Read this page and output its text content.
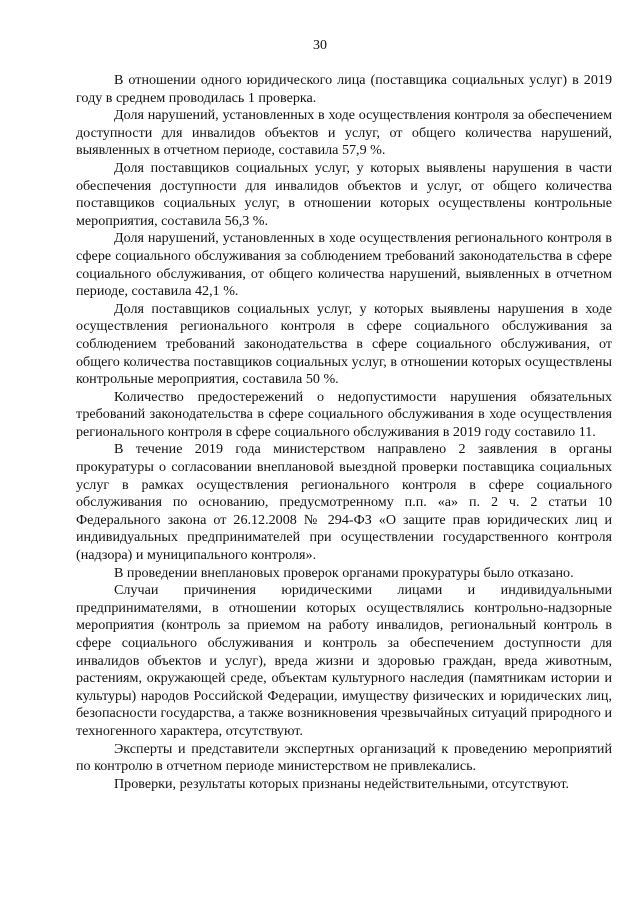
30

В отношении одного юридического лица (поставщика социальных услуг) в 2019 году в среднем проводилась 1 проверка.

Доля нарушений, установленных в ходе осуществления контроля за обеспечением доступности для инвалидов объектов и услуг, от общего количества нарушений, выявленных в отчетном периоде, составила 57,9 %.

Доля поставщиков социальных услуг, у которых выявлены нарушения в части обеспечения доступности для инвалидов объектов и услуг, от общего количества поставщиков социальных услуг, в отношении которых осуществлены контрольные мероприятия, составила 56,3 %.

Доля нарушений, установленных в ходе осуществления регионального контроля в сфере социального обслуживания за соблюдением требований законодательства в сфере социального обслуживания, от общего количества нарушений, выявленных в отчетном периоде, составила 42,1 %.

Доля поставщиков социальных услуг, у которых выявлены нарушения в ходе осуществления регионального контроля в сфере социального обслуживания за соблюдением требований законодательства в сфере социального обслуживания, от общего количества поставщиков социальных услуг, в отношении которых осуществлены контрольные мероприятия, составила 50 %.

Количество предостережений о недопустимости нарушения обязательных требований законодательства в сфере социального обслуживания в ходе осуществления регионального контроля в сфере социального обслуживания в 2019 году составило 11.

В течение 2019 года министерством направлено 2 заявления в органы прокуратуры о согласовании внеплановой выездной проверки поставщика социальных услуг в рамках осуществления регионального контроля в сфере социального обслуживания по основанию, предусмотренному п.п. «а» п. 2 ч. 2 статьи 10 Федерального закона от 26.12.2008 № 294-ФЗ «О защите прав юридических лиц и индивидуальных предпринимателей при осуществлении государственного контроля (надзора) и муниципального контроля».

В проведении внеплановых проверок органами прокуратуры было отказано.

Случаи причинения юридическими лицами и индивидуальными предпринимателями, в отношении которых осуществлялись контрольно-надзорные мероприятия (контроль за приемом на работу инвалидов, региональный контроль в сфере социального обслуживания и контроль за обеспечением доступности для инвалидов объектов и услуг), вреда жизни и здоровью граждан, вреда животным, растениям, окружающей среде, объектам культурного наследия (памятникам истории и культуры) народов Российской Федерации, имуществу физических и юридических лиц, безопасности государства, а также возникновения чрезвычайных ситуаций природного и техногенного характера, отсутствуют.

Эксперты и представители экспертных организаций к проведению мероприятий по контролю в отчетном периоде министерством не привлекались.

Проверки, результаты которых признаны недействительными, отсутствуют.
